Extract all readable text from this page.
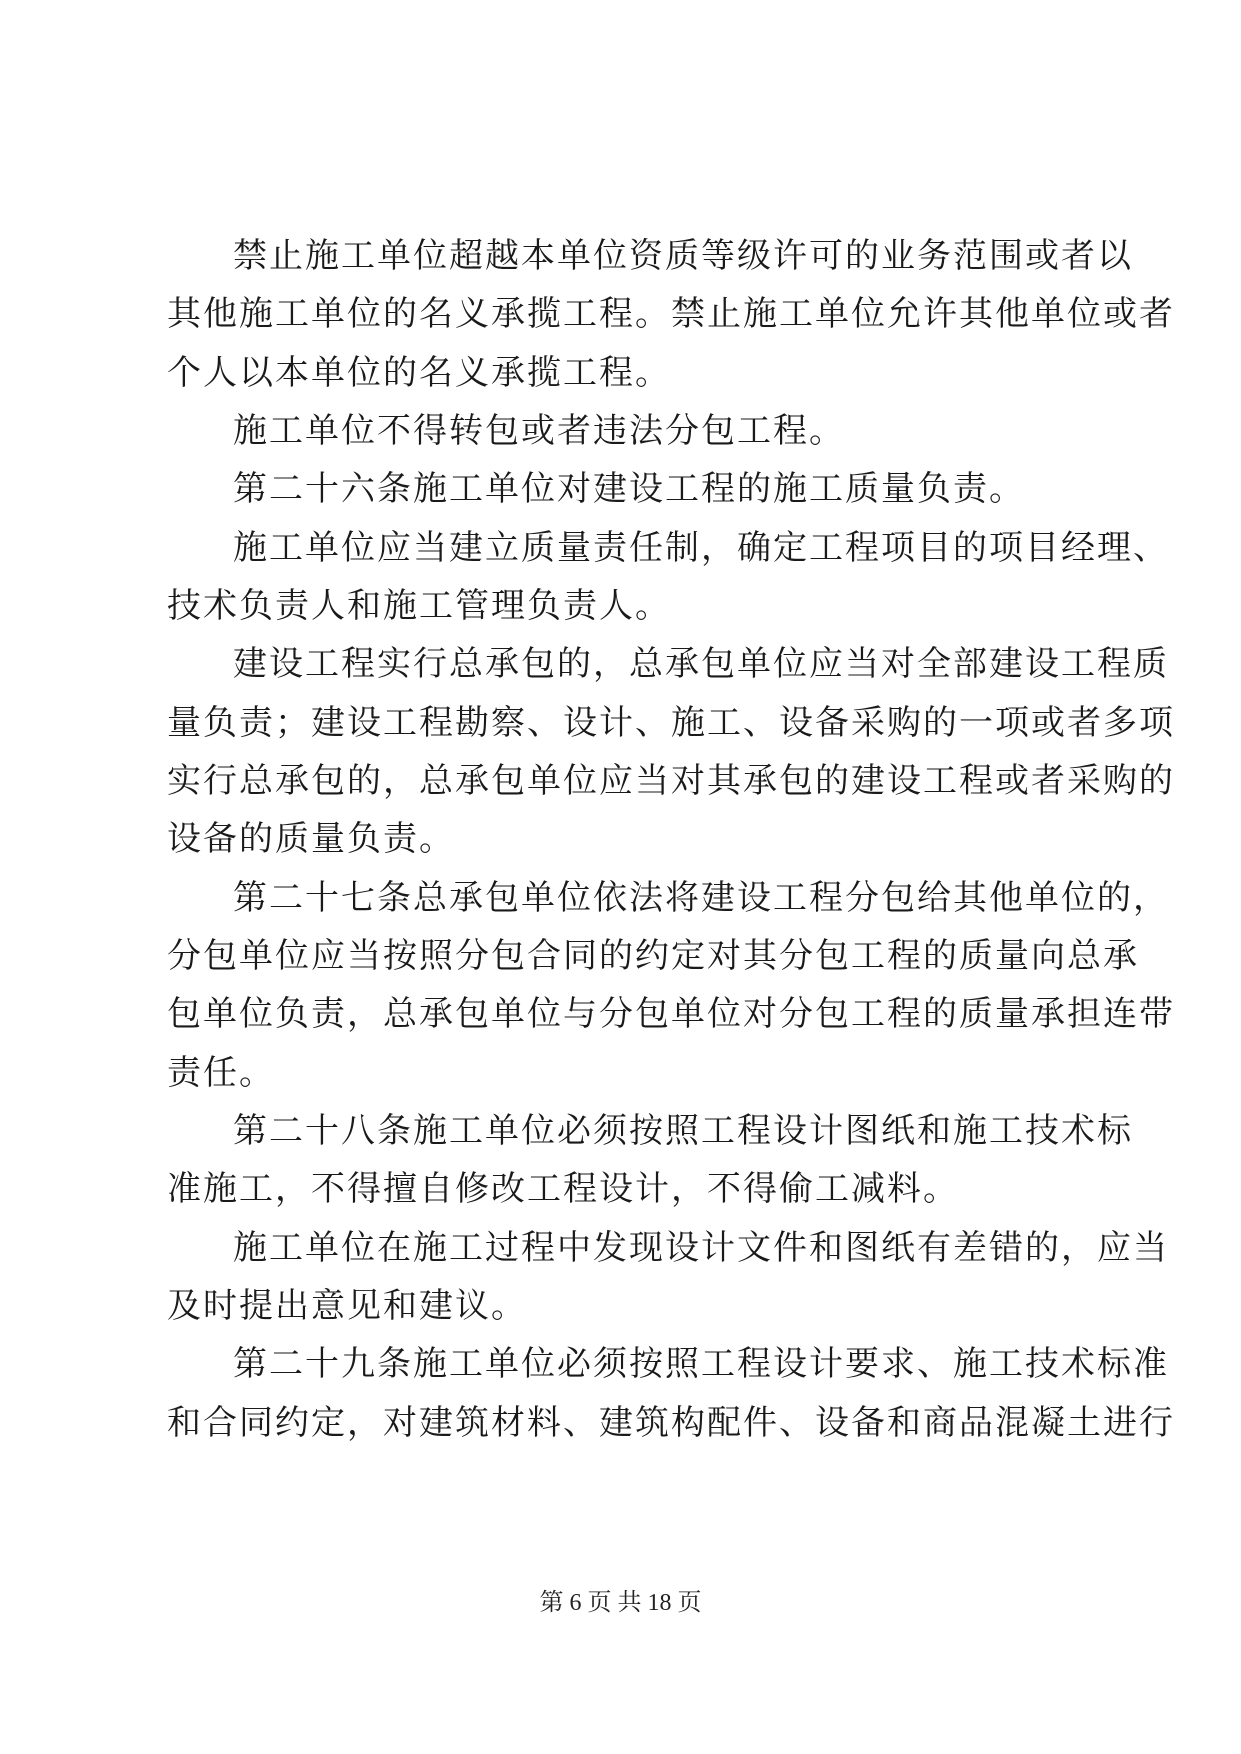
禁止施工单位超越本单位资质等级许可的业务范围或者以
其他施工单位的名义承揽工程。禁止施工单位允许其他单位或者
个人以本单位的名义承揽工程。
施工单位不得转包或者违法分包工程。
第二十六条施工单位对建设工程的施工质量负责。
施工单位应当建立质量责任制，确定工程项目的项目经理、
技术负责人和施工管理负责人。
建设工程实行总承包的，总承包单位应当对全部建设工程质
量负责；建设工程勘察、设计、施工、设备采购的一项或者多项
实行总承包的，总承包单位应当对其承包的建设工程或者采购的
设备的质量负责。
第二十七条总承包单位依法将建设工程分包给其他单位的，
分包单位应当按照分包合同的约定对其分包工程的质量向总承
包单位负责，总承包单位与分包单位对分包工程的质量承担连带
责任。
第二十八条施工单位必须按照工程设计图纸和施工技术标
准施工，不得擅自修改工程设计，不得偷工减料。
施工单位在施工过程中发现设计文件和图纸有差错的，应当
及时提出意见和建议。
第二十九条施工单位必须按照工程设计要求、施工技术标准
和合同约定，对建筑材料、建筑构配件、设备和商品混凝土进行
第 6 页 共 18 页
